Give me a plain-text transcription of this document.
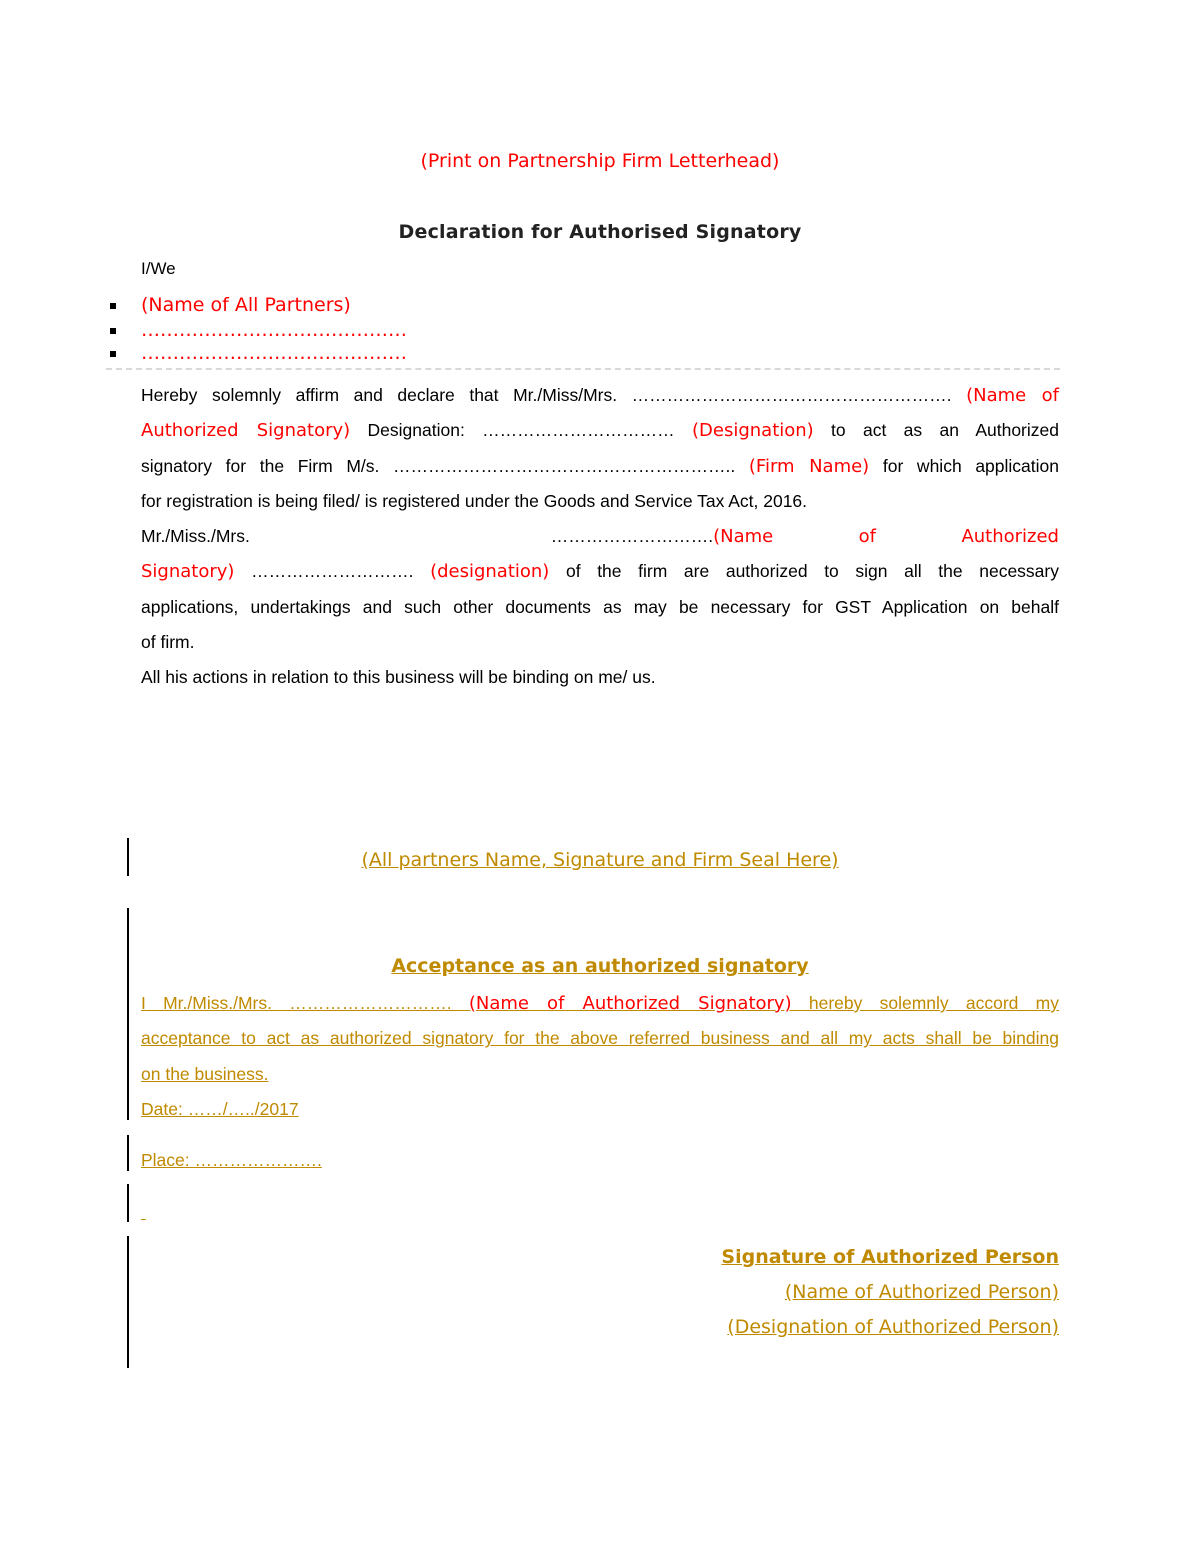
(Print on Partnership Firm Letterhead)
Declaration for Authorised Signatory
I/We
(Name of All Partners)
……………………………………
……………………………………
Hereby solemnly affirm and declare that Mr./Miss/Mrs. ………………………………………………. (Name of
Authorized Signatory) Designation: …………………………… (Designation) to act as an Authorized
signatory for the Firm M/s. ………………………………………………….. (Firm Name) for which application
for registration is being filed/ is registered under the Goods and Service Tax Act, 2016.
Mr./Miss./Mrs.	……………………….(Name	of	Authorized
Signatory) ………………………. (designation) of the firm are authorized to sign all the necessary
applications, undertakings and such other documents as may be necessary for GST Application on behalf
of firm.
All his actions in relation to this business will be binding on me/ us.
(All partners Name, Signature and Firm Seal Here)
Acceptance as an authorized signatory
I Mr./Miss./Mrs. ………………………. (Name of Authorized Signatory) hereby solemnly accord my
acceptance to act as authorized signatory for the above referred business and all my acts shall be binding
on the business.
Date: ……/…../2017
Place: ………………….

Signature of Authorized Person
(Name of Authorized Person)
(Designation of Authorized Person)
